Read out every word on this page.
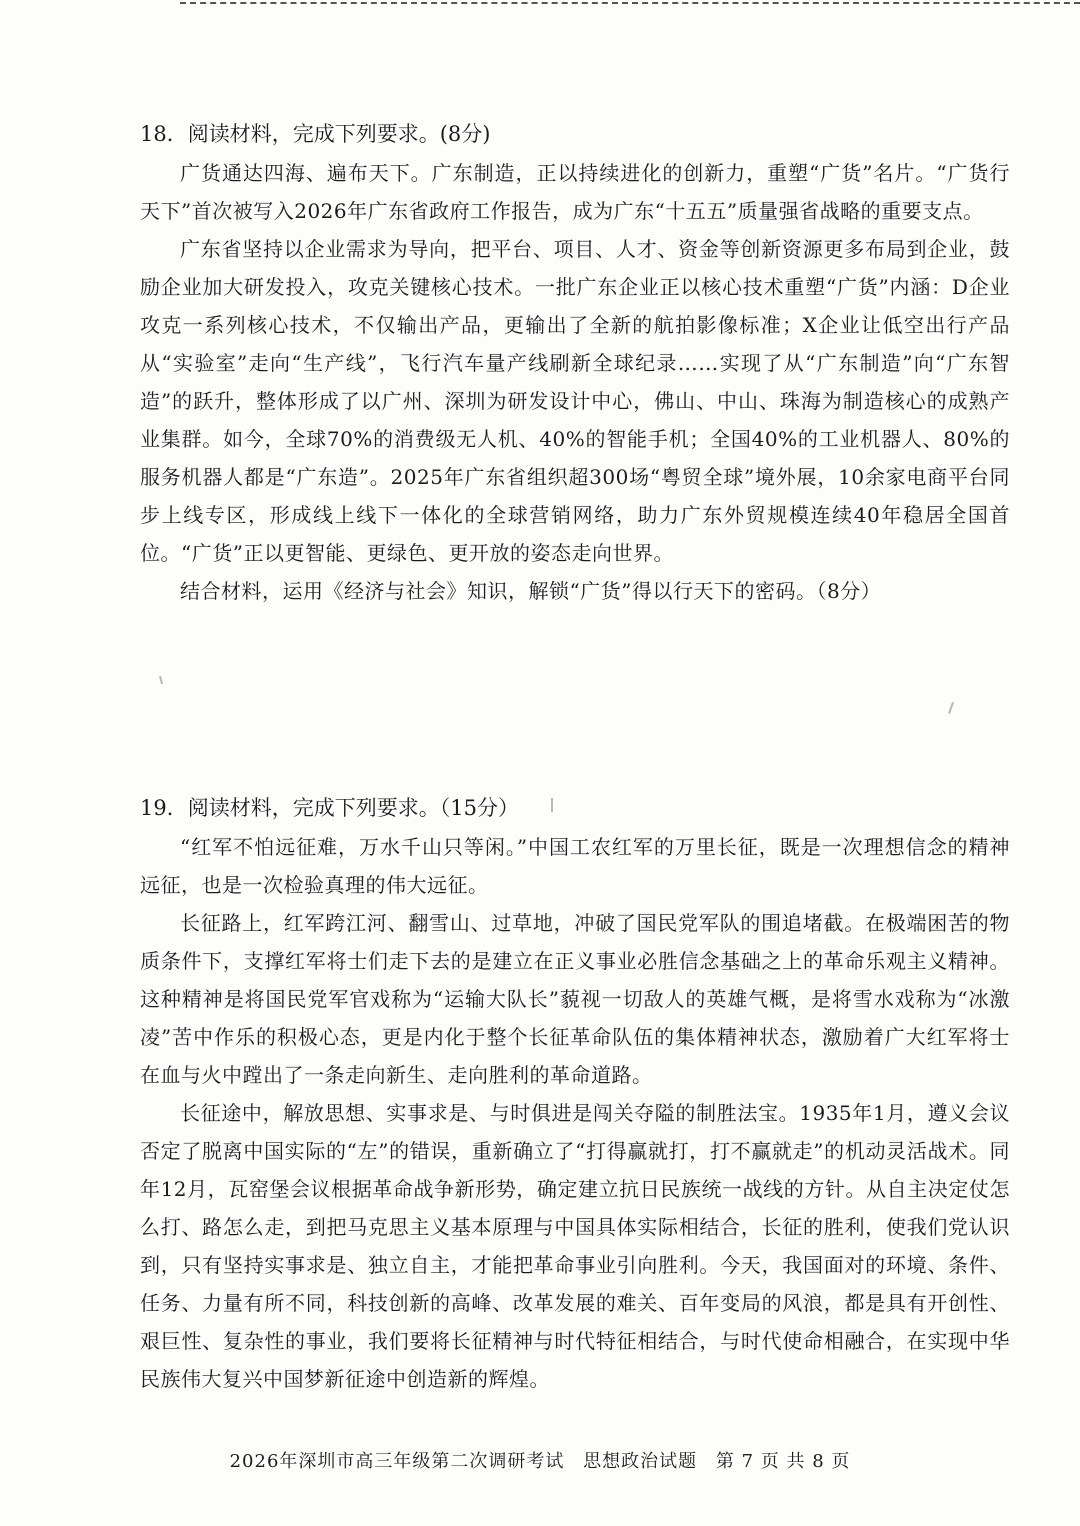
18．阅读材料，完成下列要求。(8分)

广货通达四海、遍布天下。广东制造，正以持续进化的创新力，重塑“广货”名片。“广货行天下”首次被写入2026年广东省政府工作报告，成为广东“十五五”质量强省战略的重要支点。

广东省坚持以企业需求为导向，把平台、项目、人才、资金等创新资源更多布局到企业，鼓励企业加大研发投入，攻克关键核心技术。一批广东企业正以核心技术重塑“广货”内涵：D企业攻克一系列核心技术，不仅输出产品，更输出了全新的航拍影像标准；X企业让低空出行产品从“实验室”走向“生产线”，飞行汽车量产线刷新全球纪录……实现了从“广东制造”向“广东智造”的跃升，整体形成了以广州、深圳为研发设计中心，佛山、中山、珠海为制造核心的成熟产业集群。如今，全球70%的消费级无人机、40%的智能手机；全国40%的工业机器人、80%的服务机器人都是“广东造”。2025年广东省组织超300场“粤贸全球”境外展，10余家电商平台同步上线专区，形成线上线下一体化的全球营销网络，助力广东外贸规模连续40年稳居全国首位。“广货”正以更智能、更绿色、更开放的姿态走向世界。

结合材料，运用《经济与社会》知识，解锁“广货”得以行天下的密码。（8分）

19．阅读材料，完成下列要求。（15分）

“红军不怕远征难，万水千山只等闲。”中国工农红军的万里长征，既是一次理想信念的精神远征，也是一次检验真理的伟大远征。

长征路上，红军跨江河、翻雪山、过草地，冲破了国民党军队的围追堵截。在极端困苦的物质条件下，支撑红军将士们走下去的是建立在正义事业必胜信念基础之上的革命乐观主义精神。这种精神是将国民党军官戏称为“运输大队长”藐视一切敌人的英雄气概，是将雪水戏称为“冰激凌”苦中作乐的积极心态，更是内化于整个长征革命队伍的集体精神状态，激励着广大红军将士在血与火中蹚出了一条走向新生、走向胜利的革命道路。

长征途中，解放思想、实事求是、与时俱进是闯关夺隘的制胜法宝。1935年1月，遵义会议否定了脱离中国实际的“左”的错误，重新确立了“打得赢就打，打不赢就走”的机动灵活战术。同年12月，瓦窑堡会议根据革命战争新形势，确定建立抗日民族统一战线的方针。从自主决定仗怎么打、路怎么走，到把马克思主义基本原理与中国具体实际相结合，长征的胜利，使我们党认识到，只有坚持实事求是、独立自主，才能把革命事业引向胜利。今天，我国面对的环境、条件、任务、力量有所不同，科技创新的高峰、改革发展的难关、百年变局的风浪，都是具有开创性、艰巨性、复杂性的事业，我们要将长征精神与时代特征相结合，与时代使命相融合，在实现中华民族伟大复兴中国梦新征途中创造新的辉煌。

2026年深圳市高三年级第二次调研考试 思想政治试题 第 7 页 共 8 页
